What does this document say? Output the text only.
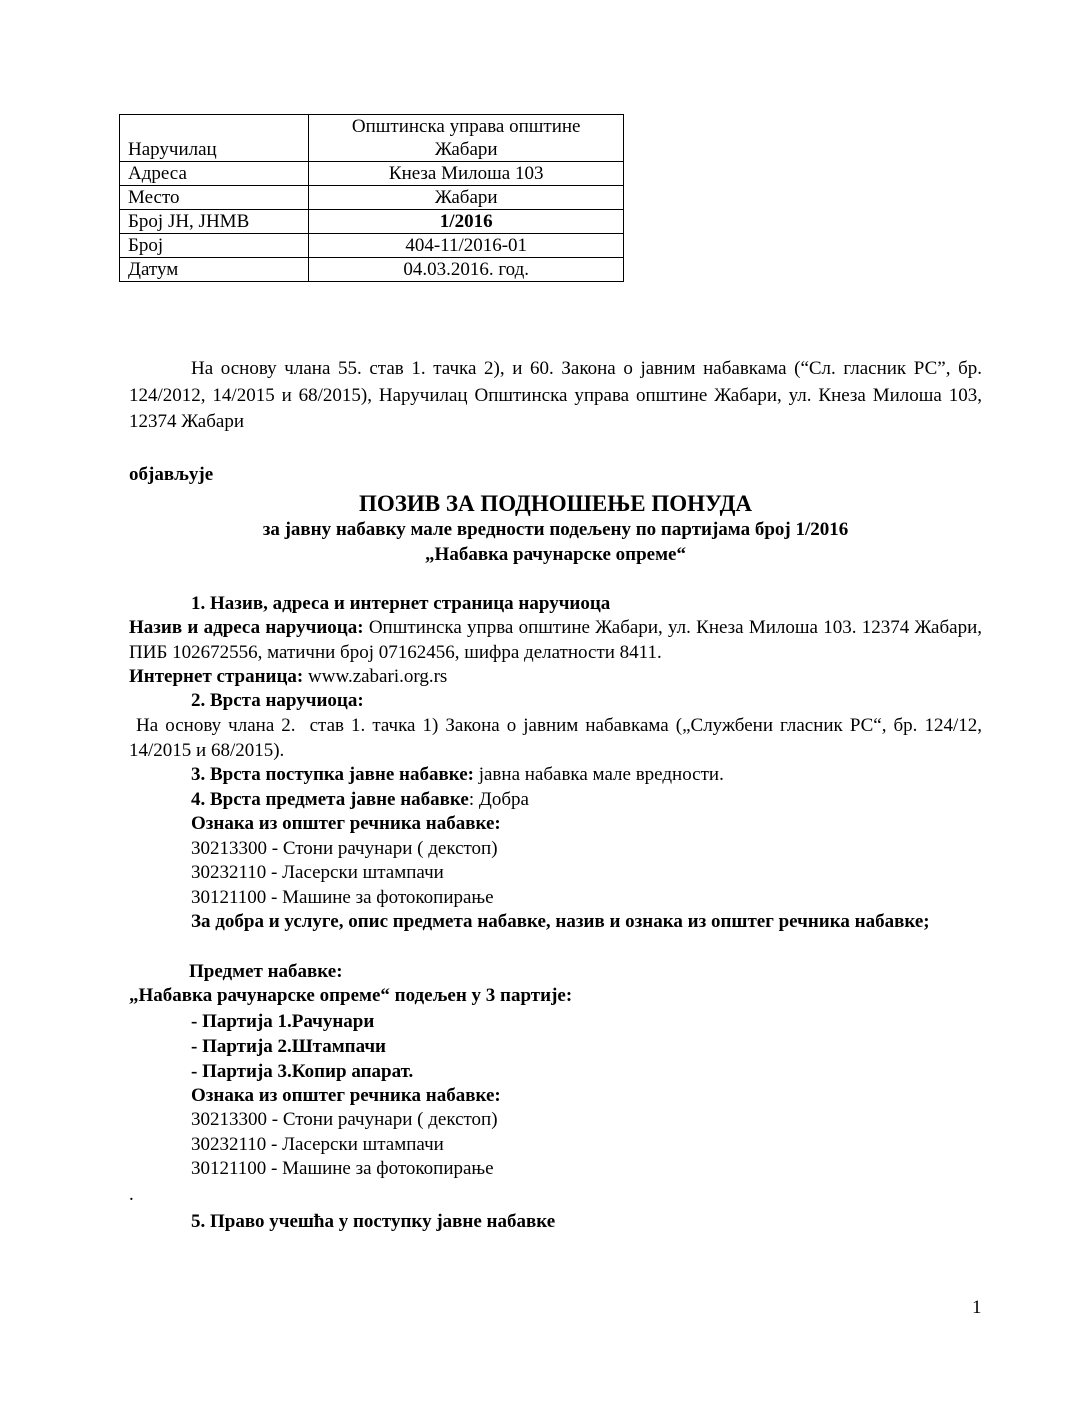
Наручилац	Општинска управа општине Жабари
Адреса	Кнеза Милоша 103
Место	Жабари
Број ЈН, ЈНМВ	1/2016
Број	404-11/2016-01
Датум	04.03.2016. год.
На основу члана 55. став 1. тачка 2), и 60. Закона о јавним набавкама (“Сл. гласник РС”, бр. 124/2012, 14/2015 и 68/2015), Наручилац Општинска управа општине Жабари, ул. Кнеза Милоша 103, 12374 Жабари
објављује
ПОЗИВ ЗА ПОДНОШЕЊЕ ПОНУДА
за јавну набавку мале вредности подељену по партијама број 1/2016
„Набавка рачунарске опреме“
1. Назив, адреса и интернет страница наручиоца
Назив и адреса наручиоца: Општинска упрва општине Жабари, ул. Кнеза Милоша 103. 12374 Жабари, ПИБ 102672556, матични број 07162456, шифра делатности 8411.
Интернет страница: www.zabari.org.rs
2. Врста наручиоца:
На основу члана 2.  став 1. тачка 1) Закона о јавним набавкама („Службени гласник РС“, бр. 124/12, 14/2015 и 68/2015).
3. Врста поступка јавне набавке: јавна набавка мале вредности.
4. Врста предмета јавне набавке: Добра
Ознака из општег речника набавке:
30213300 - Стони рачунари ( декстоп)
30232110 - Ласерски штампачи
30121100 - Машине за фотокопирање
За добра и услуге, опис предмета набавке, назив и ознака из општег речника набавке;
Предмет набавке:
„Набавка рачунарске опреме“ подељен у 3 партије:
- Партија 1.Рачунари
- Партија 2.Штампачи
- Партија 3.Копир апарат.
Ознака из општег речника набавке:
30213300 - Стони рачунари ( декстоп)
30232110 - Ласерски штампачи
30121100 - Машине за фотокопирање
.
5. Право учешћа у поступку јавне набавке
1
